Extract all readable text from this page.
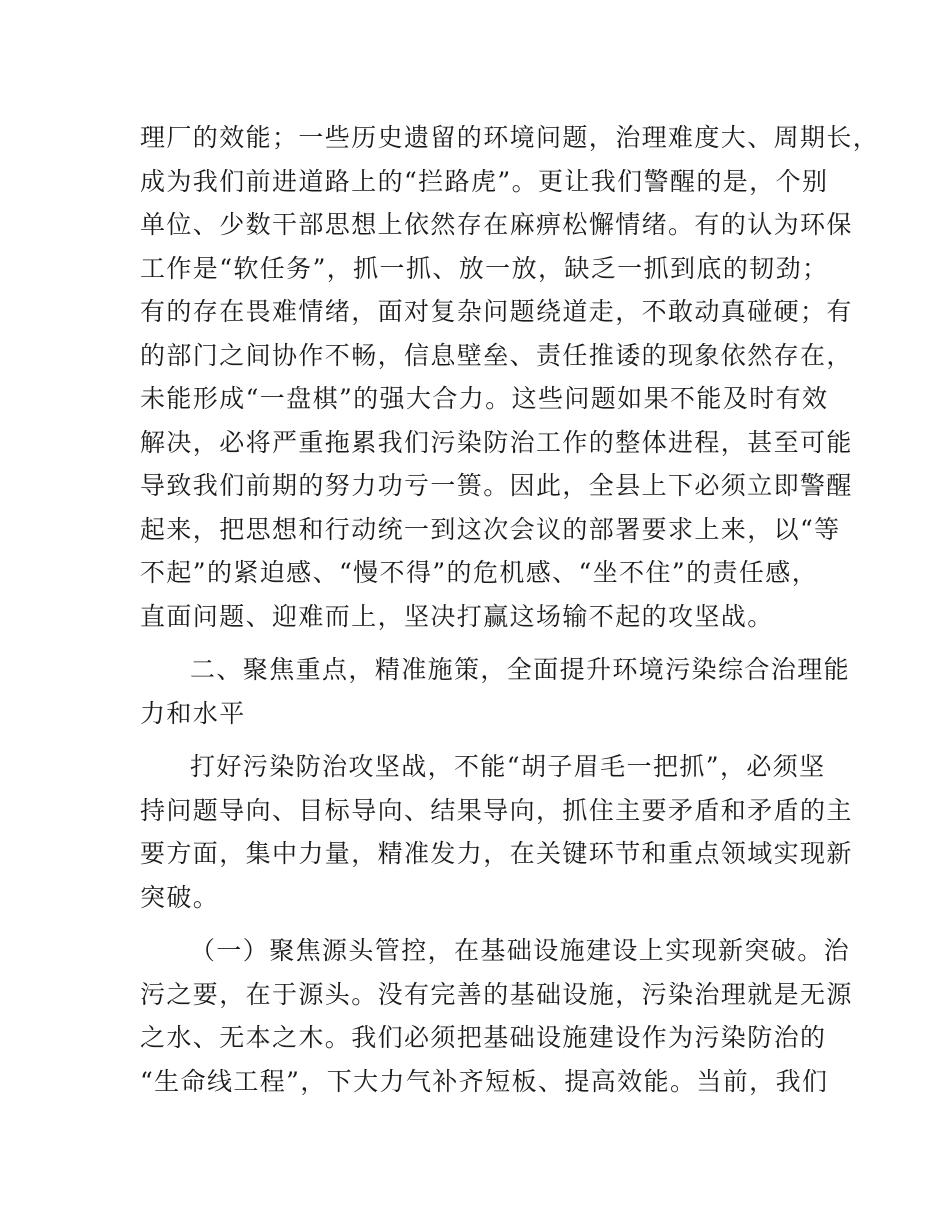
理厂的效能；一些历史遗留的环境问题，治理难度大、周期长，
成为我们前进道路上的“拦路虎”。更让我们警醒的是，个别
单位、少数干部思想上依然存在麻痹松懈情绪。有的认为环保
工作是“软任务”，抓一抓、放一放，缺乏一抓到底的韧劲；
有的存在畏难情绪，面对复杂问题绕道走，不敢动真碰硬；有
的部门之间协作不畅，信息壁垒、责任推诿的现象依然存在，
未能形成“一盘棋”的强大合力。这些问题如果不能及时有效
解决，必将严重拖累我们污染防治工作的整体进程，甚至可能
导致我们前期的努力功亏一篑。因此，全县上下必须立即警醒
起来，把思想和行动统一到这次会议的部署要求上来，以“等
不起”的紧迫感、“慢不得”的危机感、“坐不住”的责任感，
直面问题、迎难而上，坚决打赢这场输不起的攻坚战。
二、聚焦重点，精准施策，全面提升环境污染综合治理能
力和水平
打好污染防治攻坚战，不能“胡子眉毛一把抓”，必须坚
持问题导向、目标导向、结果导向，抓住主要矛盾和矛盾的主
要方面，集中力量，精准发力，在关键环节和重点领域实现新
突破。
（一）聚焦源头管控，在基础设施建设上实现新突破。治
污之要，在于源头。没有完善的基础设施，污染治理就是无源
之水、无本之木。我们必须把基础设施建设作为污染防治的
“生命线工程”，下大力气补齐短板、提高效能。当前，我们
